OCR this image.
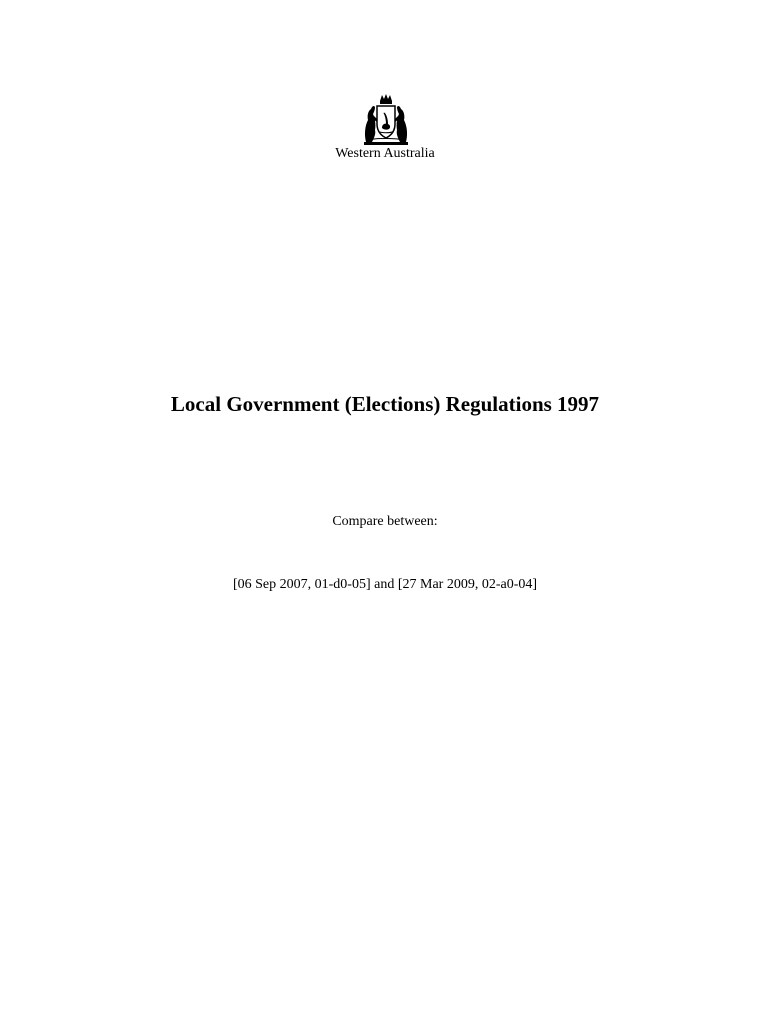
Western Australia
Local Government (Elections) Regulations 1997
Compare between:
[06 Sep 2007, 01-d0-05] and [27 Mar 2009, 02-a0-04]
